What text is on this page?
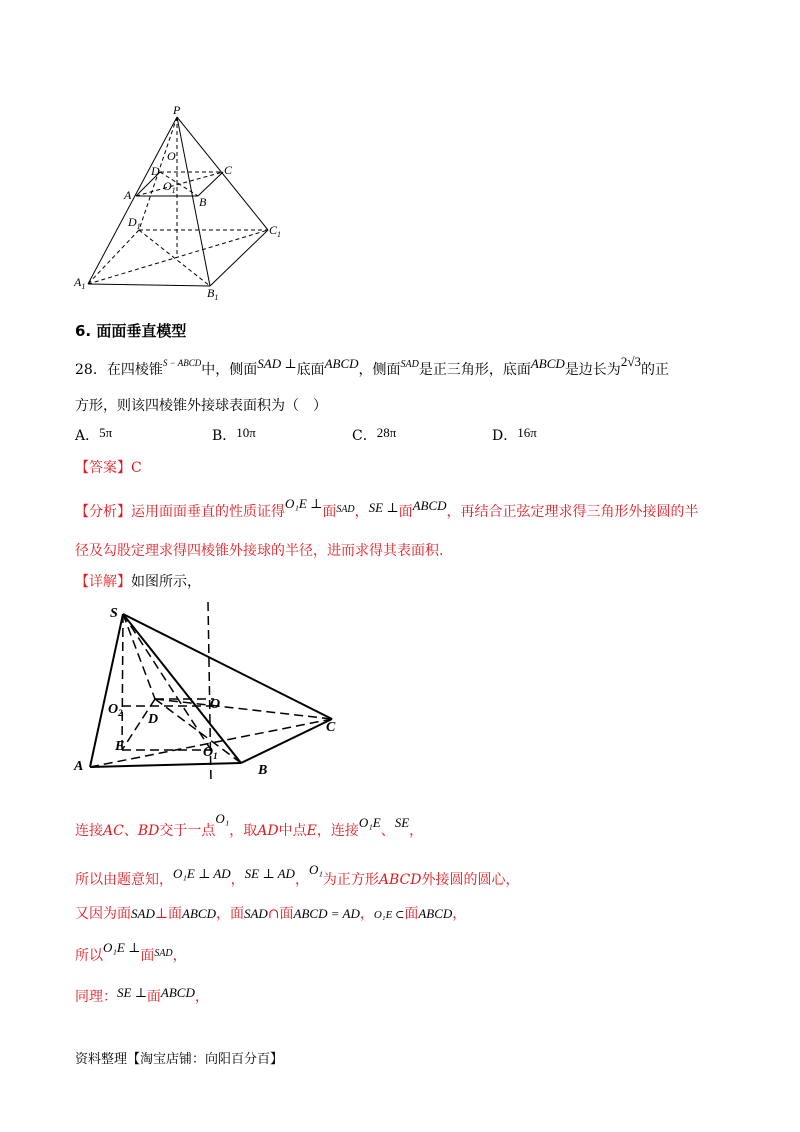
P
O
D	C
$O_1$
A	B
$D_1$	$C_1$
$A_1$	$B_1$
6. 面面垂直模型
28．在四棱锥$^{S - ABCD}$中，侧面SAD ⊥底面ABCD，侧面$^{SAD}$是正三角形，底面ABCD是边长为2√3的正
方形，则该四棱锥外接球表面积为（　）
A．5π	B．10π	C．28π	D．16π
【答案】C
【分析】运用面面垂直的性质证得O₁E ⊥面$^{SAD}$，SE ⊥面ABCD，再结合正弦定理求得三角形外接圆的半
径及勾股定理求得四棱锥外接球的半径，进而求得其表面积.
【详解】如图所示，
S
O
$O_2$ D
C
E	$O_1$
A	B
连接AC、BD交于一点O₁，取AD中点E，连接O₁E、SE，
所以由题意知，O₁E ⊥ AD，SE ⊥ AD，O₁为正方形ABCD外接圆的圆心，
又因为面SAD⊥面ABCD，面SAD∩面ABCD = AD，O₁E ⊂面ABCD，
所以O₁E ⊥面$^{SAD}$，
同理：SE ⊥面ABCD，
资料整理【淘宝店铺：向阳百分百】
